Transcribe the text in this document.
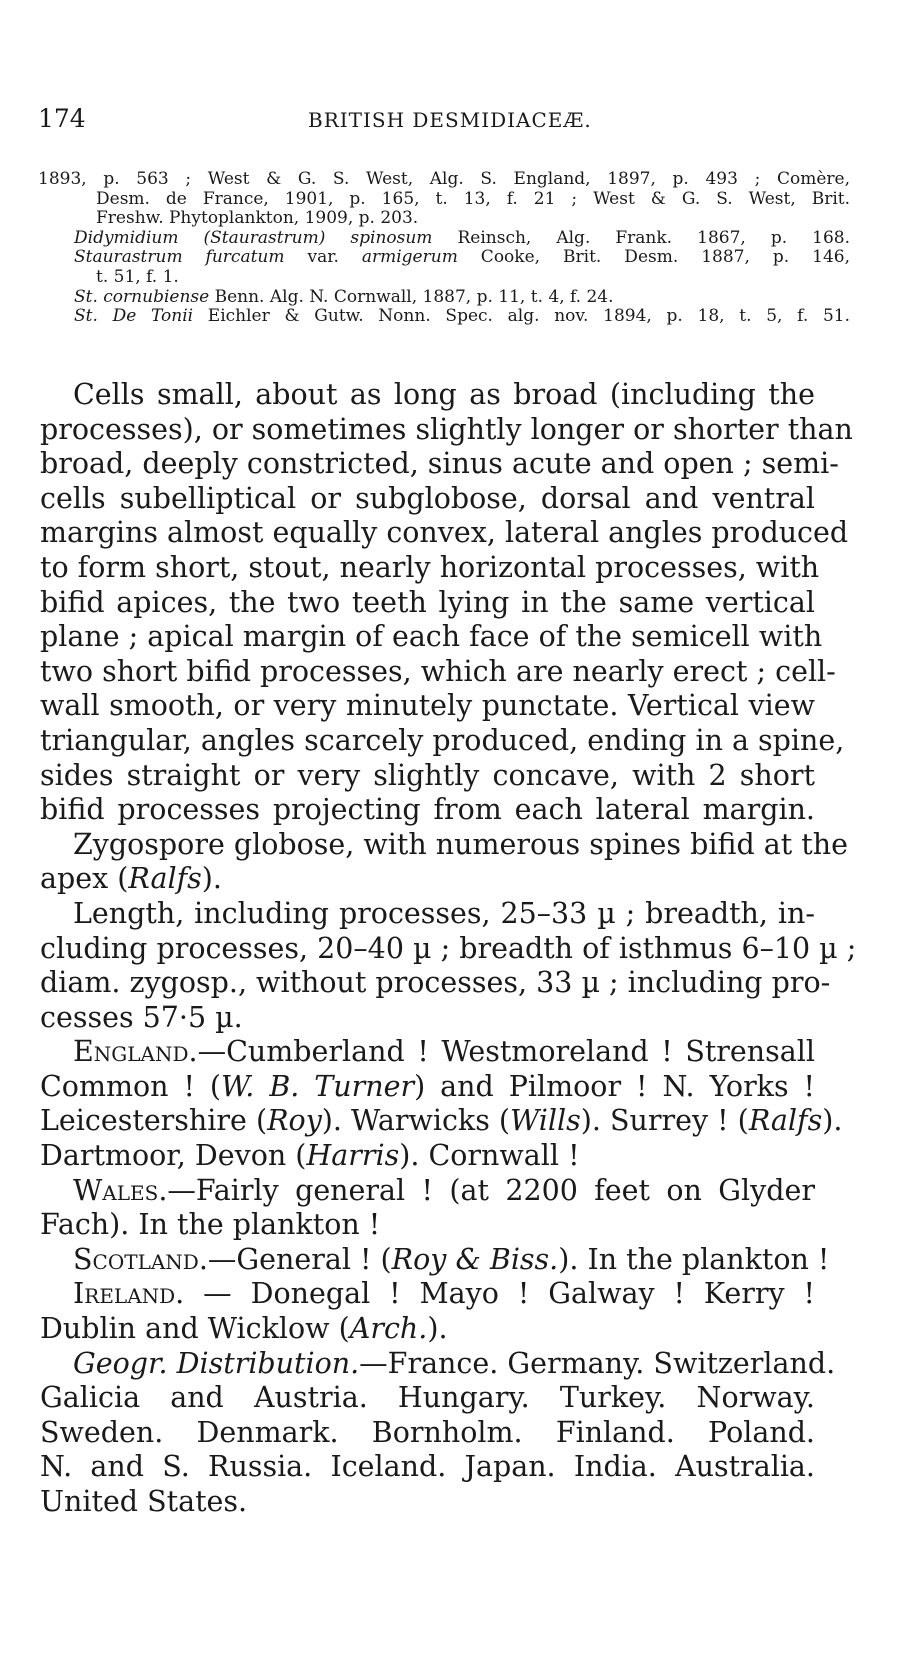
174	BRITISH DESMIDIACEÆ.
1893, p. 563 ; West & G. S. West, Alg. S. England, 1897, p. 493 ; Comère,
Desm. de France, 1901, p. 165, t. 13, f. 21 ; West & G. S. West, Brit.
Freshw. Phytoplankton, 1909, p. 203.
Didymidium (Staurastrum) spinosum Reinsch, Alg. Frank. 1867, p. 168.
Staurastrum furcatum var. armigerum Cooke, Brit. Desm. 1887, p. 146,
t. 51, f. 1.
St. cornubiense Benn. Alg. N. Cornwall, 1887, p. 11, t. 4, f. 24.
St. De Tonii Eichler & Gutw. Nonn. Spec. alg. nov. 1894, p. 18, t. 5, f. 51.
Cells small, about as long as broad (including the
processes), or sometimes slightly longer or shorter than
broad, deeply constricted, sinus acute and open ; semi-
cells subelliptical or subglobose, dorsal and ventral
margins almost equally convex, lateral angles produced
to form short, stout, nearly horizontal processes, with
bifid apices, the two teeth lying in the same vertical
plane ; apical margin of each face of the semicell with
two short bifid processes, which are nearly erect ; cell-
wall smooth, or very minutely punctate. Vertical view
triangular, angles scarcely produced, ending in a spine,
sides straight or very slightly concave, with 2 short
bifid processes projecting from each lateral margin.
Zygospore globose, with numerous spines bifid at the
apex (Ralfs).
Length, including processes, 25–33 µ ; breadth, in-
cluding processes, 20–40 µ ; breadth of isthmus 6–10 µ ;
diam. zygosp., without processes, 33 µ ; including pro-
cesses 57·5 µ.
England.—Cumberland ! Westmoreland ! Strensall
Common ! (W. B. Turner) and Pilmoor ! N. Yorks !
Leicestershire (Roy). Warwicks (Wills). Surrey ! (Ralfs).
Dartmoor, Devon (Harris). Cornwall !
Wales.—Fairly general ! (at 2200 feet on Glyder
Fach). In the plankton !
Scotland.—General ! (Roy & Biss.). In the plankton !
Ireland. — Donegal ! Mayo ! Galway ! Kerry !
Dublin and Wicklow (Arch.).
Geogr. Distribution.—France. Germany. Switzerland.
Galicia and Austria. Hungary. Turkey. Norway.
Sweden. Denmark. Bornholm. Finland. Poland.
N. and S. Russia. Iceland. Japan. India. Australia.
United States.
